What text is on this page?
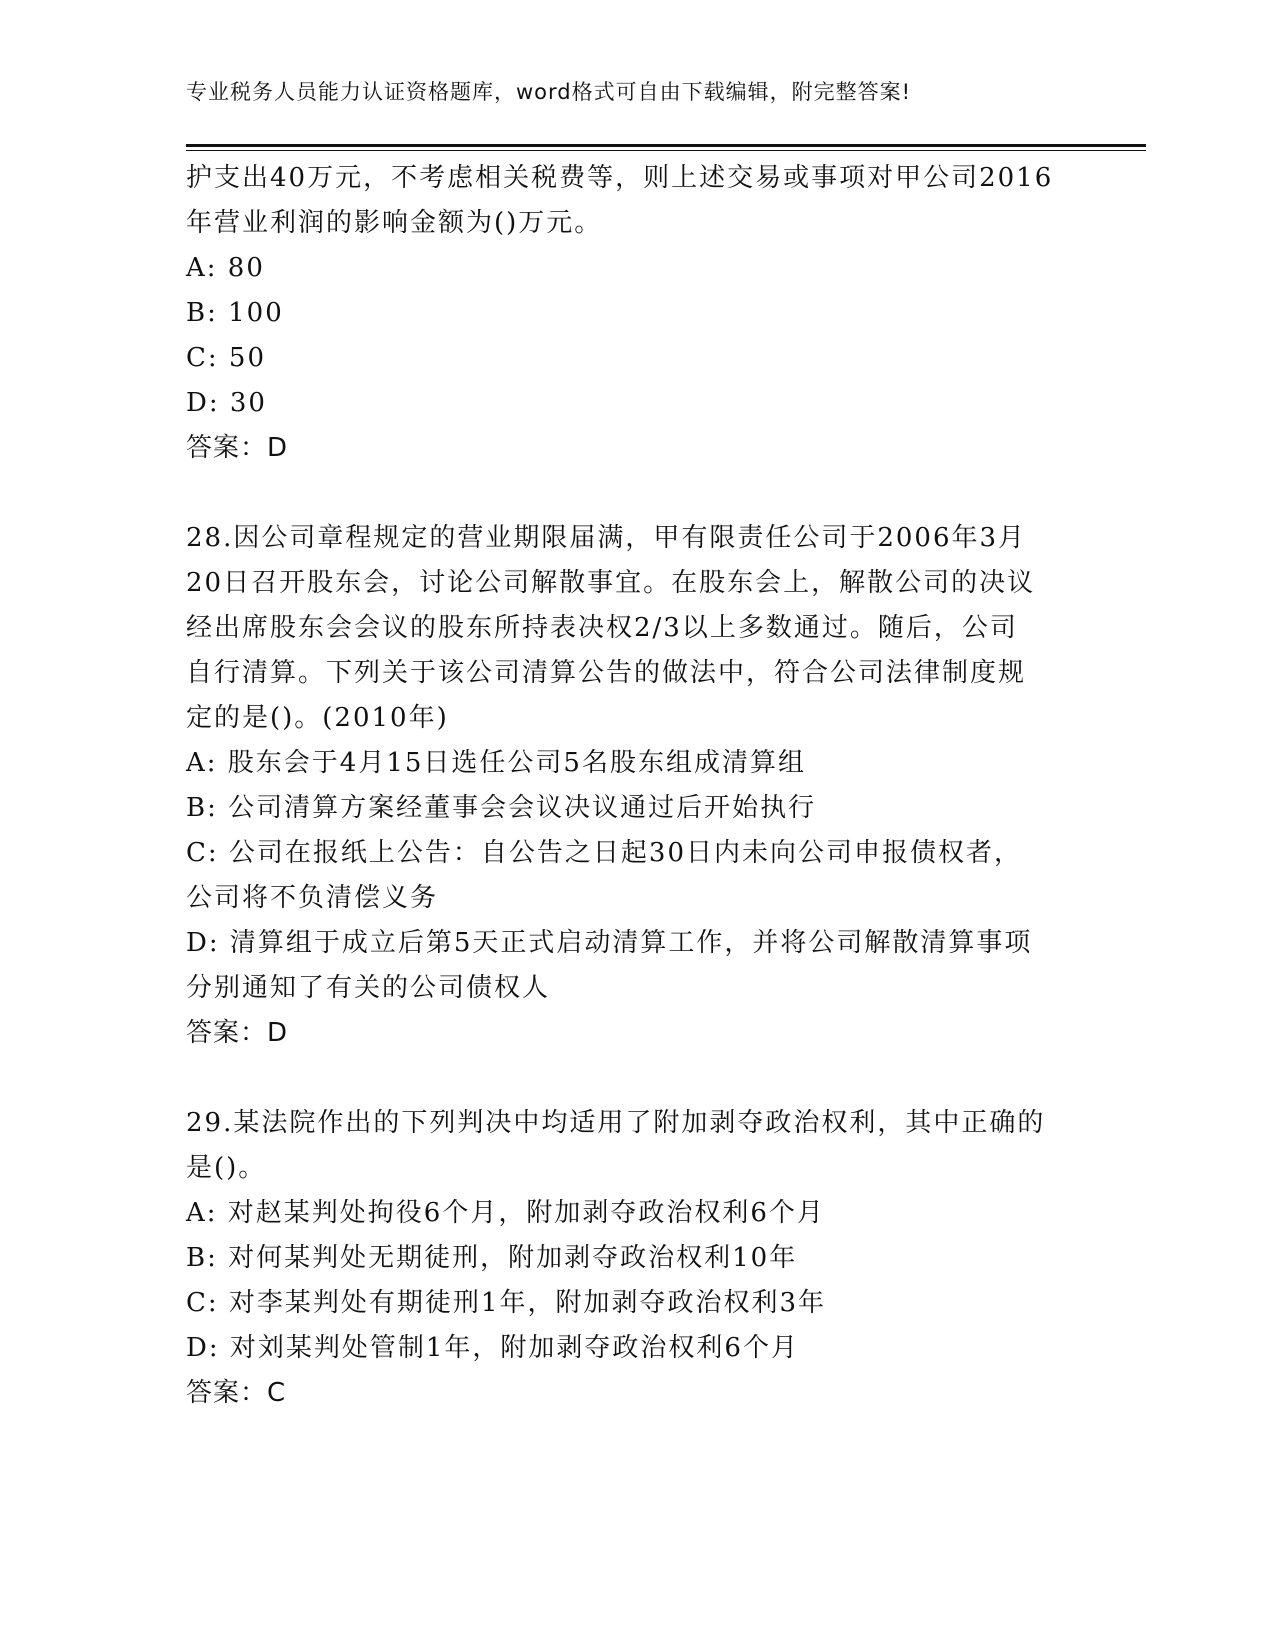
专业税务人员能力认证资格题库，word格式可自由下载编辑，附完整答案!
护支出40万元，不考虑相关税费等，则上述交易或事项对甲公司2016
年营业利润的影响金额为()万元。
A: 80
B: 100
C: 50
D: 30
答案：D
28.因公司章程规定的营业期限届满，甲有限责任公司于2006年3月
20日召开股东会，讨论公司解散事宜。在股东会上，解散公司的决议
经出席股东会会议的股东所持表决权2/3以上多数通过。随后，公司
自行清算。下列关于该公司清算公告的做法中，符合公司法律制度规
定的是()。(2010年)
A: 股东会于4月15日选任公司5名股东组成清算组
B: 公司清算方案经董事会会议决议通过后开始执行
C: 公司在报纸上公告：自公告之日起30日内未向公司申报债权者，
公司将不负清偿义务
D: 清算组于成立后第5天正式启动清算工作，并将公司解散清算事项
分别通知了有关的公司债权人
答案：D
29.某法院作出的下列判决中均适用了附加剥夺政治权利，其中正确的
是()。
A: 对赵某判处拘役6个月，附加剥夺政治权利6个月
B: 对何某判处无期徒刑，附加剥夺政治权利10年
C: 对李某判处有期徒刑1年，附加剥夺政治权利3年
D: 对刘某判处管制1年，附加剥夺政治权利6个月
答案：C
